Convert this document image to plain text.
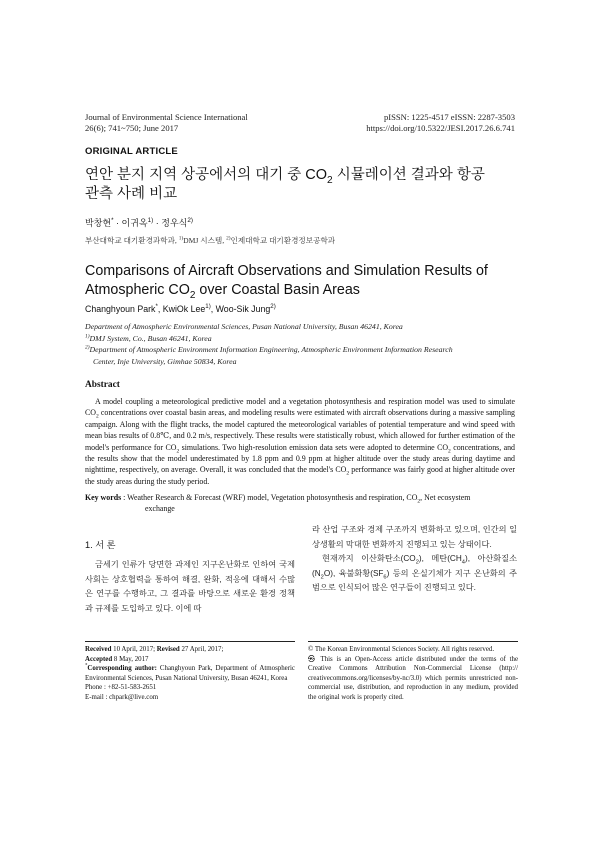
Journal of Environmental Science International
26(6); 741~750; June 2017
pISSN: 1225-4517 eISSN: 2287-3503
https://doi.org/10.5322/JESI.2017.26.6.741
ORIGINAL ARTICLE
연안 분지 지역 상공에서의 대기 중 $CO_2$ 시뮬레이션 결과와 항공
관측 사례 비교
박창현* · 이귀옥$^{1)}$ · 정우식$^{2)}$
부산대학교 대기환경과학과, $^{1)}$DMJ 시스템, $^{2)}$인제대학교 대기환경정보공학과
Comparisons of Aircraft Observations and Simulation Results of
Atmospheric $CO_2$ over Coastal Basin Areas
Changhyoun Park*, KwiOk Lee$^{1)}$, Woo-Sik Jung$^{2)}$
Department of Atmospheric Environmental Sciences, Pusan National University, Busan 46241, Korea
$^{1)}$DMJ System, Co., Busan 46241, Korea
$^{2)}$Department of Atmospheric Environment Information Engineering, Atmospheric Environment Information Research
Center, Inje University, Gimhae 50834, Korea
Abstract
A model coupling a meteorological predictive model and a vegetation photosynthesis and respiration model was used to simulate $CO_2$ concentrations over coastal basin areas, and modeling results were estimated with aircraft observations during a massive sampling campaign. Along with the flight tracks, the model captured the meteorological variables of potential temperature and wind speed with mean bias results of 0.8℃, and 0.2 m/s, respectively. These results were statistically robust, which allowed for further estimation of the model's performance for $CO_2$ simulations. Two high-resolution emission data sets were adopted to determine $CO_2$ concentrations, and the results show that the model underestimated by 1.8 ppm and 0.9 ppm at higher altitude over the study areas during daytime and nighttime, respectively, on average. Overall, it was concluded that the model's $CO_2$ performance was fairly good at higher altitude over the study areas during the study period.
Key words : Weather Research & Forecast (WRF) model, Vegetation photosynthesis and respiration, $CO_2$, Net ecosystem
exchange
1. 서 론
금세기 인류가 당면한 과제인 지구온난화로 인하여 국제사회는 상호협력을 통하여 해결, 완화, 적응에 대해서 수많은 연구를 수행하고, 그 결과를 바탕으로 새로운 환경 정책과 규제를 도입하고 있다. 이에 따
라 산업 구조와 경제 구조까지 변화하고 있으며, 인간의 일상생활의 막대한 변화까지 진행되고 있는 상태이다.
현재까지 이산화탄소$(CO_2)$, 메탄$(CH_4)$, 아산화질소$(N_2O)$, 육불화황$(SF_6)$ 등의 온실기체가 지구 온난화의 주범으로 인식되어 많은 연구들이 진행되고 있다.
Received 10 April, 2017; Revised 27 April, 2017;
Accepted 8 May, 2017
*Corresponding author: Changhyoun Park, Department of Atmospheric Environmental Sciences, Pusan National University, Busan 46241, Korea
Phone : +82-51-583-2651
E-mail : chpark@live.com
© The Korean Environmental Sciences Society. All rights reserved.
㉿ This is an Open-Access article distributed under the terms of the Creative Commons Attribution Non-Commercial License (http:// creativecommons.org/licenses/by-nc/3.0) which permits unrestricted non-commercial use, distribution, and reproduction in any medium, provided the original work is properly cited.
